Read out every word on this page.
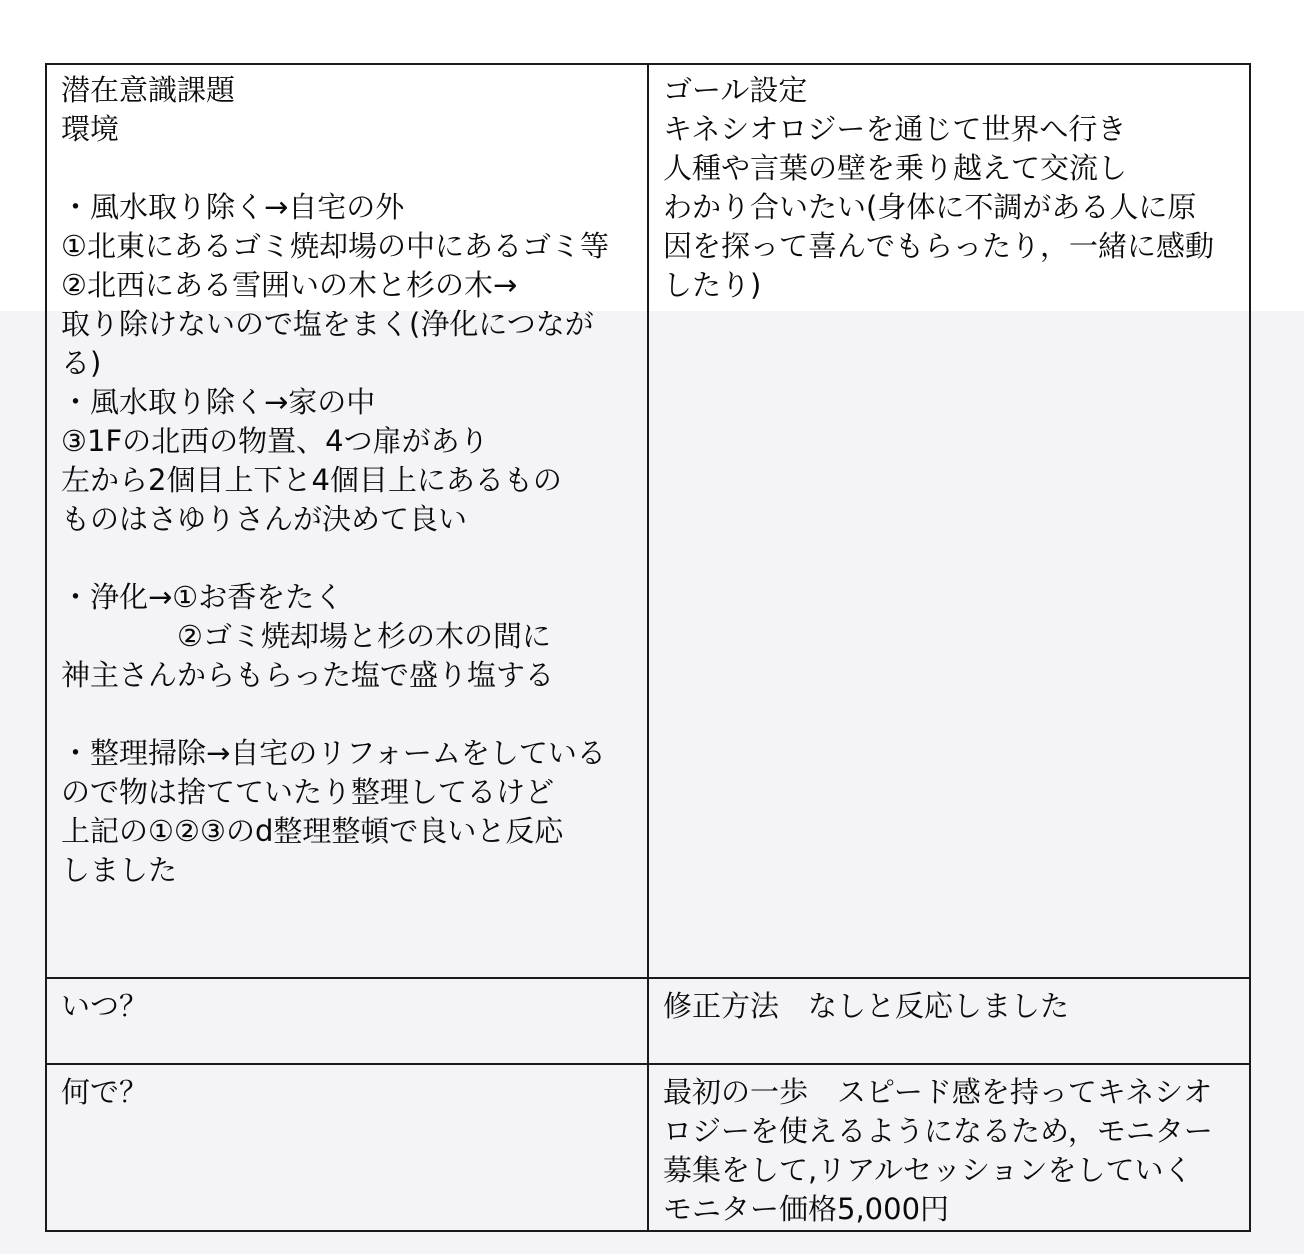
潜在意識課題
環境

・風水取り除く→自宅の外
①北東にあるゴミ焼却場の中にあるゴミ等
②北西にある雪囲いの木と杉の木→
取り除けないので塩をまく(浄化につなが
る)
・風水取り除く→家の中
③1Fの北西の物置、4つ扉があり
左から2個目上下と4個目上にあるもの
ものはさゆりさんが決めて良い

・浄化→①お香をたく
　　　　②ゴミ焼却場と杉の木の間に
神主さんからもらった塩で盛り塩する

・整理掃除→自宅のリフォームをしている
ので物は捨てていたり整理してるけど
上記の①②③のd整理整頓で良いと反応
しました
ゴール設定
キネシオロジーを通じて世界へ行き
人種や言葉の壁を乗り越えて交流し
わかり合いたい(身体に不調がある人に原
因を探って喜んでもらったり，一緒に感動
したり)
いつ？	修正方法　なしと反応しました
何で？	最初の一歩　スピード感を持ってキネシオ
ロジーを使えるようになるため，モニター
募集をして,リアルセッションをしていく
モニター価格5,000円
